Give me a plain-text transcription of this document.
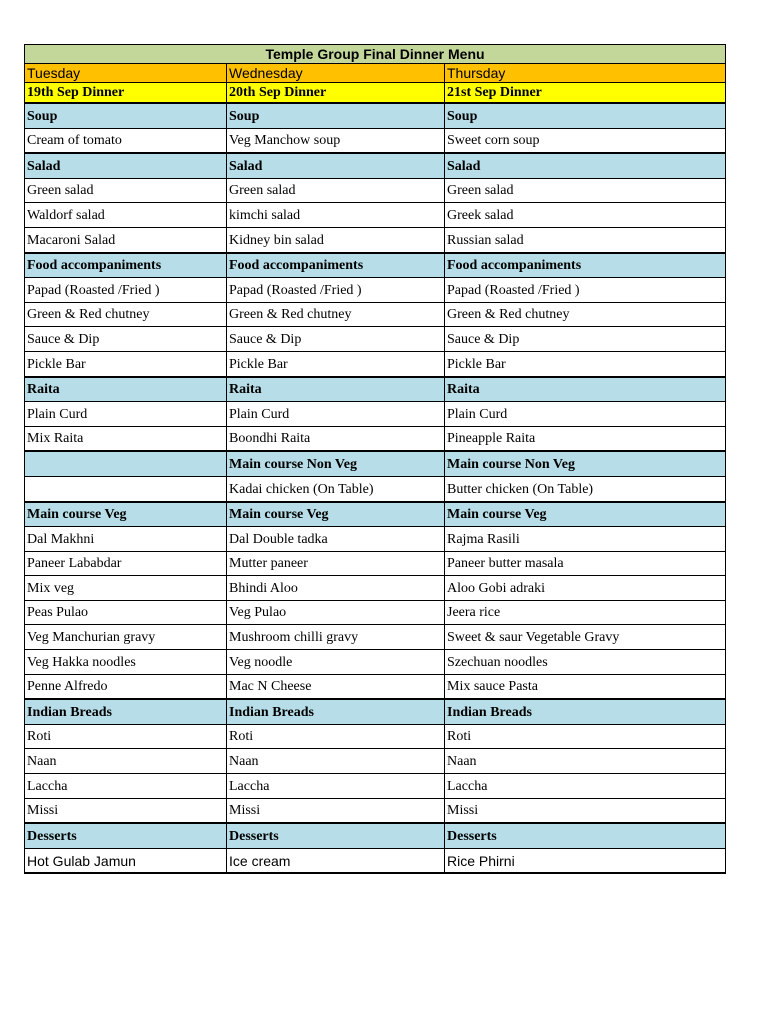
Temple Group Final Dinner Menu		
Tuesday	Wednesday	Thursday
19th Sep Dinner	20th Sep Dinner	21st Sep Dinner
Soup	Soup	Soup
Cream of tomato	Veg Manchow soup	Sweet corn soup
Salad	Salad	Salad
Green salad	Green salad	Green salad
Waldorf salad	kimchi salad	Greek salad
Macaroni Salad	Kidney bin salad	Russian salad
Food accompaniments	Food accompaniments	Food accompaniments
Papad (Roasted /Fried )	Papad (Roasted /Fried )	Papad (Roasted /Fried )
Green & Red chutney	Green & Red chutney	Green & Red chutney
Sauce & Dip	Sauce & Dip	Sauce & Dip
Pickle Bar	Pickle Bar	Pickle Bar
Raita	Raita	Raita
Plain Curd	Plain Curd	Plain Curd
Mix Raita	Boondhi Raita	Pineapple Raita
	Main course Non Veg	Main course Non Veg
	Kadai chicken (On Table)	Butter chicken (On Table)
Main course Veg	Main course Veg	Main course Veg
Dal Makhni	Dal Double tadka	Rajma Rasili
Paneer Lababdar	Mutter paneer	Paneer butter masala
Mix veg	Bhindi Aloo	Aloo Gobi adraki
Peas Pulao	Veg Pulao	Jeera rice
Veg Manchurian gravy	Mushroom chilli gravy	Sweet & saur Vegetable Gravy
Veg Hakka noodles	Veg noodle	Szechuan noodles
Penne Alfredo	Mac N Cheese	Mix sauce Pasta
Indian Breads	Indian Breads	Indian Breads
Roti	Roti	Roti
Naan	Naan	Naan
Laccha	Laccha	Laccha
Missi	Missi	Missi
Desserts	Desserts	Desserts
Hot Gulab Jamun	Ice cream	Rice Phirni
